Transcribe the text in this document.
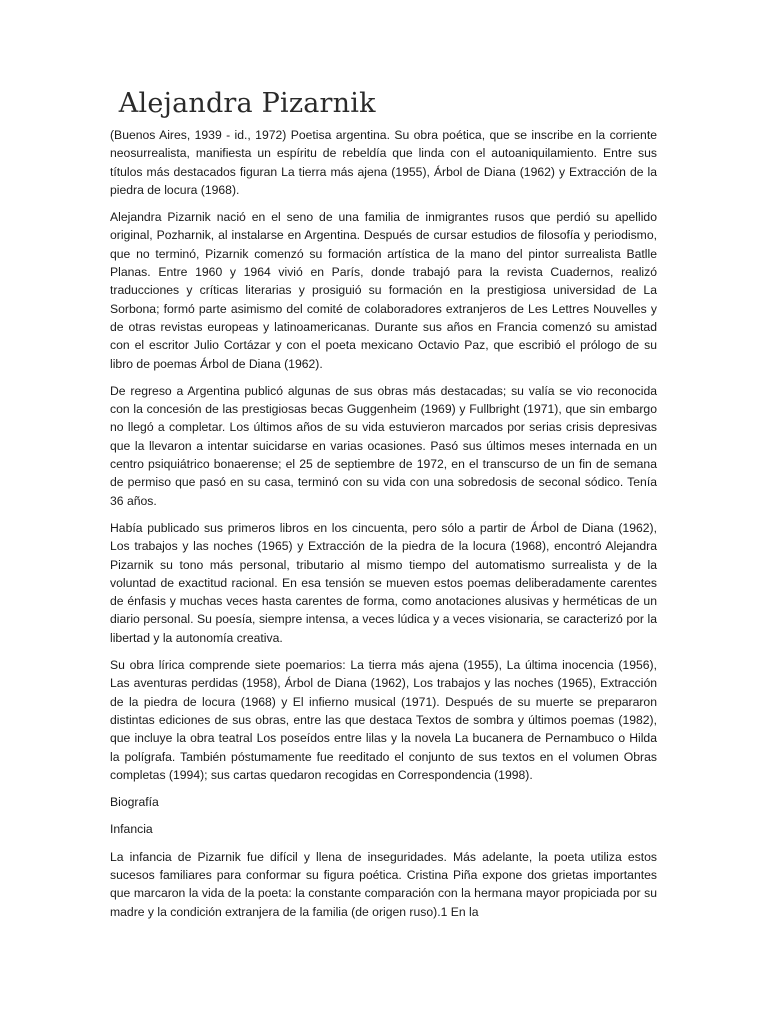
Alejandra Pizarnik

(Buenos Aires, 1939 - id., 1972) Poetisa argentina. Su obra poética, que se inscribe en la corriente neosurrealista, manifiesta un espíritu de rebeldía que linda con el autoaniquilamiento. Entre sus títulos más destacados figuran La tierra más ajena (1955), Árbol de Diana (1962) y Extracción de la piedra de locura (1968).

Alejandra Pizarnik nació en el seno de una familia de inmigrantes rusos que perdió su apellido original, Pozharnik, al instalarse en Argentina. Después de cursar estudios de filosofía y periodismo, que no terminó, Pizarnik comenzó su formación artística de la mano del pintor surrealista Batlle Planas. Entre 1960 y 1964 vivió en París, donde trabajó para la revista Cuadernos, realizó traducciones y críticas literarias y prosiguió su formación en la prestigiosa universidad de La Sorbona; formó parte asimismo del comité de colaboradores extranjeros de Les Lettres Nouvelles y de otras revistas europeas y latinoamericanas. Durante sus años en Francia comenzó su amistad con el escritor Julio Cortázar y con el poeta mexicano Octavio Paz, que escribió el prólogo de su libro de poemas Árbol de Diana (1962).

De regreso a Argentina publicó algunas de sus obras más destacadas; su valía se vio reconocida con la concesión de las prestigiosas becas Guggenheim (1969) y Fullbright (1971), que sin embargo no llegó a completar. Los últimos años de su vida estuvieron marcados por serias crisis depresivas que la llevaron a intentar suicidarse en varias ocasiones. Pasó sus últimos meses internada en un centro psiquiátrico bonaerense; el 25 de septiembre de 1972, en el transcurso de un fin de semana de permiso que pasó en su casa, terminó con su vida con una sobredosis de seconal sódico. Tenía 36 años.

Había publicado sus primeros libros en los cincuenta, pero sólo a partir de Árbol de Diana (1962), Los trabajos y las noches (1965) y Extracción de la piedra de la locura (1968), encontró Alejandra Pizarnik su tono más personal, tributario al mismo tiempo del automatismo surrealista y de la voluntad de exactitud racional. En esa tensión se mueven estos poemas deliberadamente carentes de énfasis y muchas veces hasta carentes de forma, como anotaciones alusivas y herméticas de un diario personal. Su poesía, siempre intensa, a veces lúdica y a veces visionaria, se caracterizó por la libertad y la autonomía creativa.

Su obra lírica comprende siete poemarios: La tierra más ajena (1955), La última inocencia (1956), Las aventuras perdidas (1958), Árbol de Diana (1962), Los trabajos y las noches (1965), Extracción de la piedra de locura (1968) y El infierno musical (1971). Después de su muerte se prepararon distintas ediciones de sus obras, entre las que destaca Textos de sombra y últimos poemas (1982), que incluye la obra teatral Los poseídos entre lilas y la novela La bucanera de Pernambuco o Hilda la polígrafa. También póstumamente fue reeditado el conjunto de sus textos en el volumen Obras completas (1994); sus cartas quedaron recogidas en Correspondencia (1998).

Biografía

Infancia

La infancia de Pizarnik fue difícil y llena de inseguridades. Más adelante, la poeta utiliza estos sucesos familiares para conformar su figura poética. Cristina Piña expone dos grietas importantes que marcaron la vida de la poeta: la constante comparación con la hermana mayor propiciada por su madre y la condición extranjera de la familia (de origen ruso).1 En la
